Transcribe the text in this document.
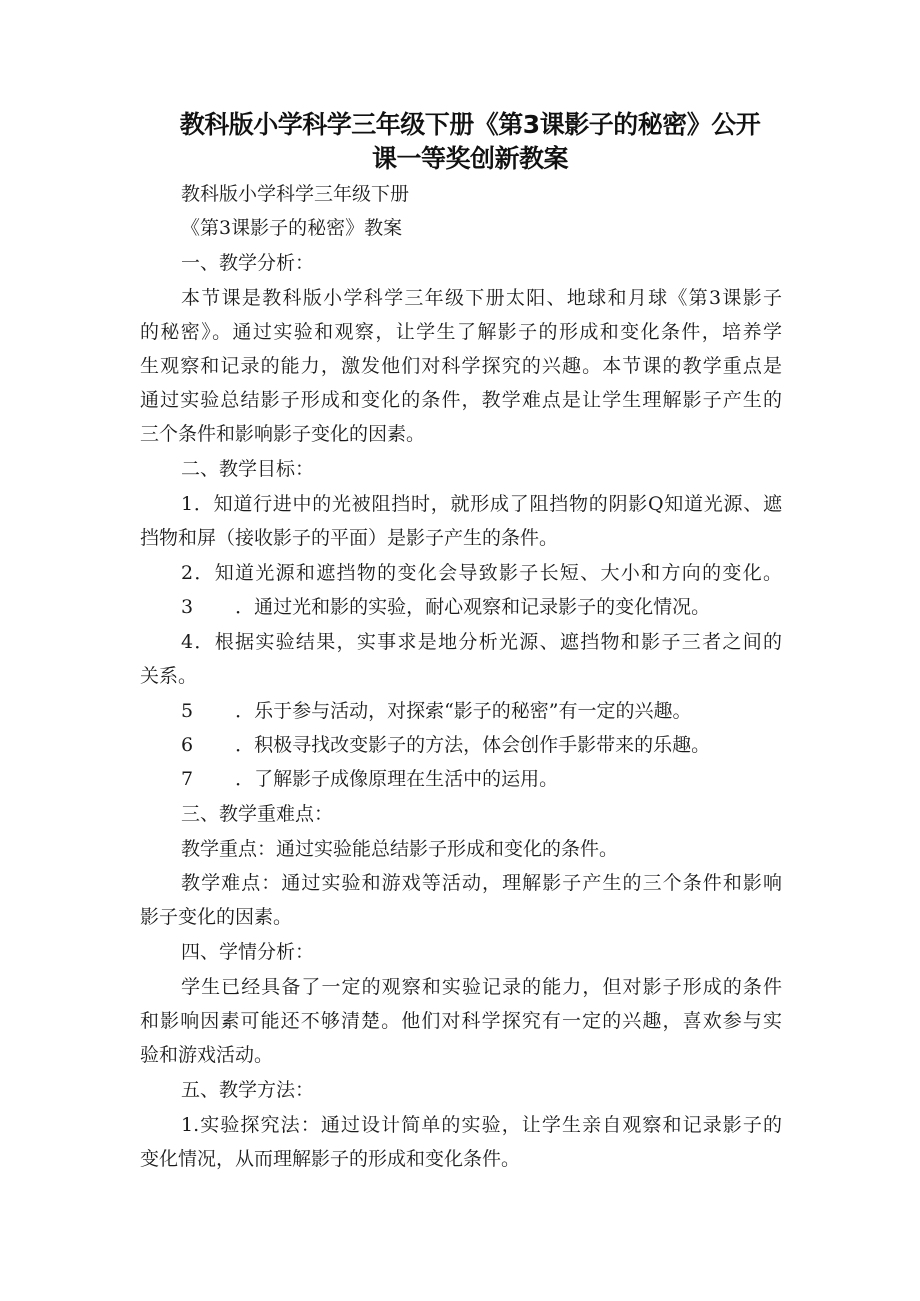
教科版小学科学三年级下册《第3课影子的秘密》公开
课一等奖创新教案
教科版小学科学三年级下册
《第3课影子的秘密》教案
一、教学分析：
本节课是教科版小学科学三年级下册太阳、地球和月球《第3课影子
的秘密》。通过实验和观察，让学生了解影子的形成和变化条件，培养学
生观察和记录的能力，激发他们对科学探究的兴趣。本节课的教学重点是
通过实验总结影子形成和变化的条件，教学难点是让学生理解影子产生的
三个条件和影响影子变化的因素。
二、教学目标：
1．知道行进中的光被阻挡时，就形成了阻挡物的阴影Q知道光源、遮
挡物和屏（接收影子的平面）是影子产生的条件。
2．知道光源和遮挡物的变化会导致影子长短、大小和方向的变化。
3 ．通过光和影的实验，耐心观察和记录影子的变化情况。
4．根据实验结果，实事求是地分析光源、遮挡物和影子三者之间的
关系。
5 ．乐于参与活动，对探索“影子的秘密”有一定的兴趣。
6 ．积极寻找改变影子的方法，体会创作手影带来的乐趣。
7 ．了解影子成像原理在生活中的运用。
三、教学重难点：
教学重点：通过实验能总结影子形成和变化的条件。
教学难点：通过实验和游戏等活动，理解影子产生的三个条件和影响
影子变化的因素。
四、学情分析：
学生已经具备了一定的观察和实验记录的能力，但对影子形成的条件
和影响因素可能还不够清楚。他们对科学探究有一定的兴趣，喜欢参与实
验和游戏活动。
五、教学方法：
1.实验探究法：通过设计简单的实验，让学生亲自观察和记录影子的
变化情况，从而理解影子的形成和变化条件。
